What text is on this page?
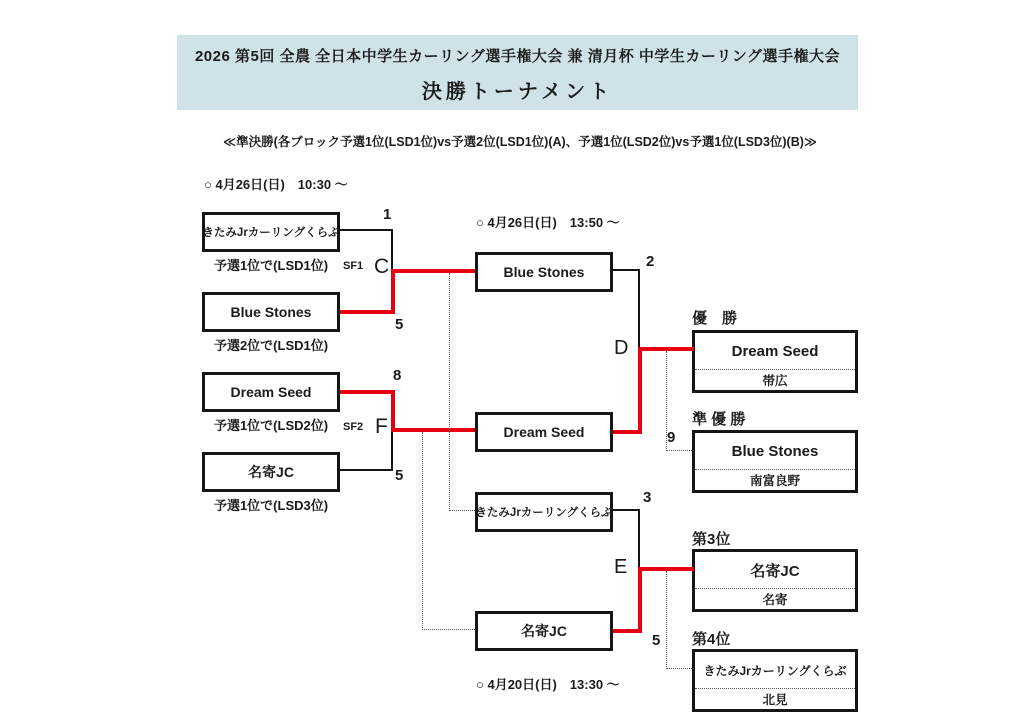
2026 第5回 全農 全日本中学生カーリング選手権大会 兼 清月杯 中学生カーリング選手権大会
決勝トーナメント
≪準決勝(各ブロック予選1位(LSD1位)vs予選2位(LSD1位)(A)、予選1位(LSD2位)vs予選1位(LSD3位)(B)≫
○ 4月26日(日)　10:30 ～
○ 4月26日(日)　13:50 ～
○ 4月20日(日)　13:30 ～
きたみJrカーリングくらぶ
予選1位で(LSD1位)
Blue Stones
予選2位で(LSD1位)
Dream Seed
予選1位で(LSD2位)
名寄JC
予選1位で(LSD3位)
Blue Stones
Dream Seed
きたみJrカーリングくらぶ
名寄JC
優　勝
Dream Seed
帯広
準 優 勝
Blue Stones
南富良野
第3位
名寄JC
名寄
第4位
きたみJrカーリングくらぶ
北見
1
5
8
5
2
9
3
5
SF1 C
SF2 F
D
E
